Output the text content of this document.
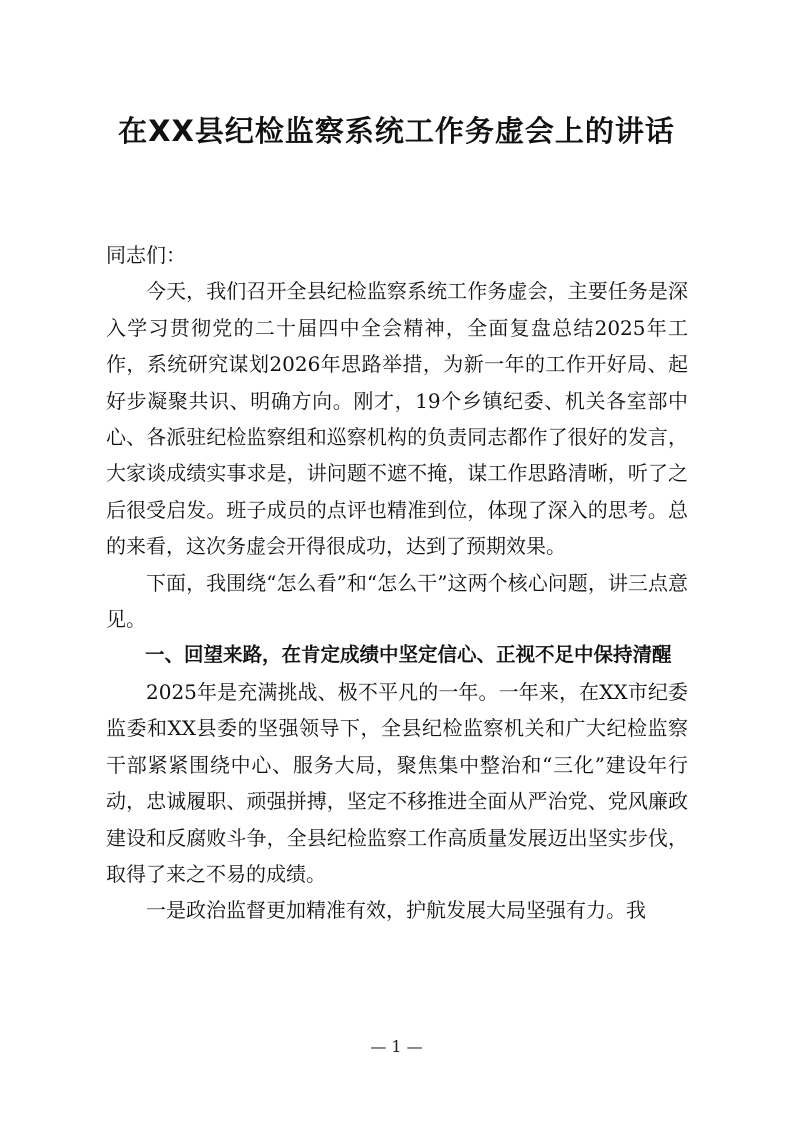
在XX县纪检监察系统工作务虚会上的讲话

同志们：

今天，我们召开全县纪检监察系统工作务虚会，主要任务是深入学习贯彻党的二十届四中全会精神，全面复盘总结2025年工作，系统研究谋划2026年思路举措，为新一年的工作开好局、起好步凝聚共识、明确方向。刚才，19个乡镇纪委、机关各室部中心、各派驻纪检监察组和巡察机构的负责同志都作了很好的发言，大家谈成绩实事求是，讲问题不遮不掩，谋工作思路清晰，听了之后很受启发。班子成员的点评也精准到位，体现了深入的思考。总的来看，这次务虚会开得很成功，达到了预期效果。

下面，我围绕“怎么看”和“怎么干”这两个核心问题，讲三点意见。

一、回望来路，在肯定成绩中坚定信心、正视不足中保持清醒

2025年是充满挑战、极不平凡的一年。一年来，在XX市纪委监委和XX县委的坚强领导下，全县纪检监察机关和广大纪检监察干部紧紧围绕中心、服务大局，聚焦集中整治和“三化”建设年行动，忠诚履职、顽强拼搏，坚定不移推进全面从严治党、党风廉政建设和反腐败斗争，全县纪检监察工作高质量发展迈出坚实步伐，取得了来之不易的成绩。

一是政治监督更加精准有效，护航发展大局坚强有力。我

— 1 —
